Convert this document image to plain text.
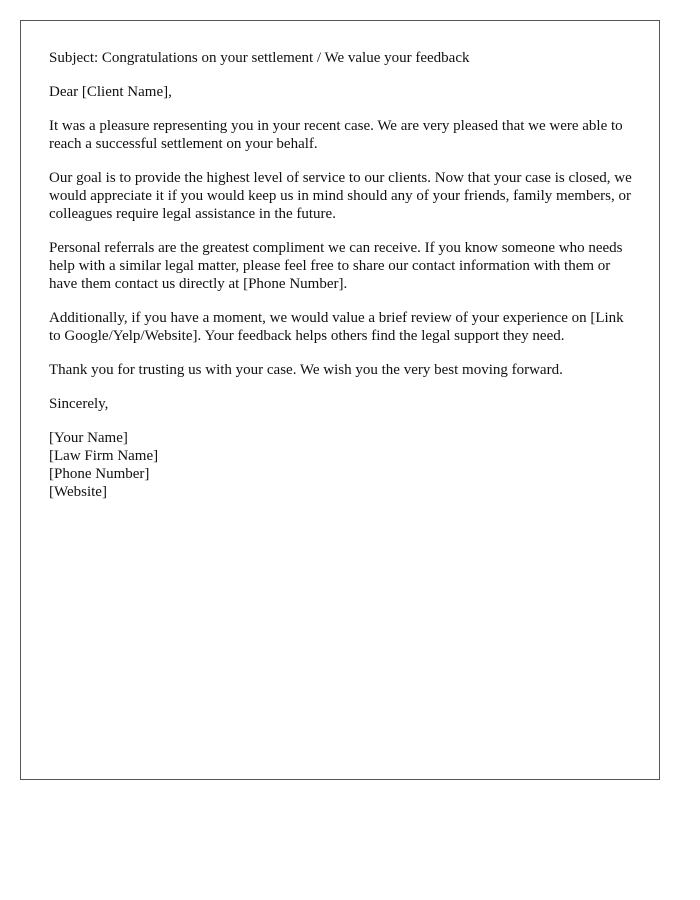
Subject: Congratulations on your settlement / We value your feedback

Dear [Client Name],

It was a pleasure representing you in your recent case. We are very pleased that we were able to reach a successful settlement on your behalf.

Our goal is to provide the highest level of service to our clients. Now that your case is closed, we would appreciate it if you would keep us in mind should any of your friends, family members, or colleagues require legal assistance in the future.

Personal referrals are the greatest compliment we can receive. If you know someone who needs help with a similar legal matter, please feel free to share our contact information with them or have them contact us directly at [Phone Number].

Additionally, if you have a moment, we would value a brief review of your experience on [Link to Google/Yelp/Website]. Your feedback helps others find the legal support they need.

Thank you for trusting us with your case. We wish you the very best moving forward.

Sincerely,

[Your Name]
[Law Firm Name]
[Phone Number]
[Website]
